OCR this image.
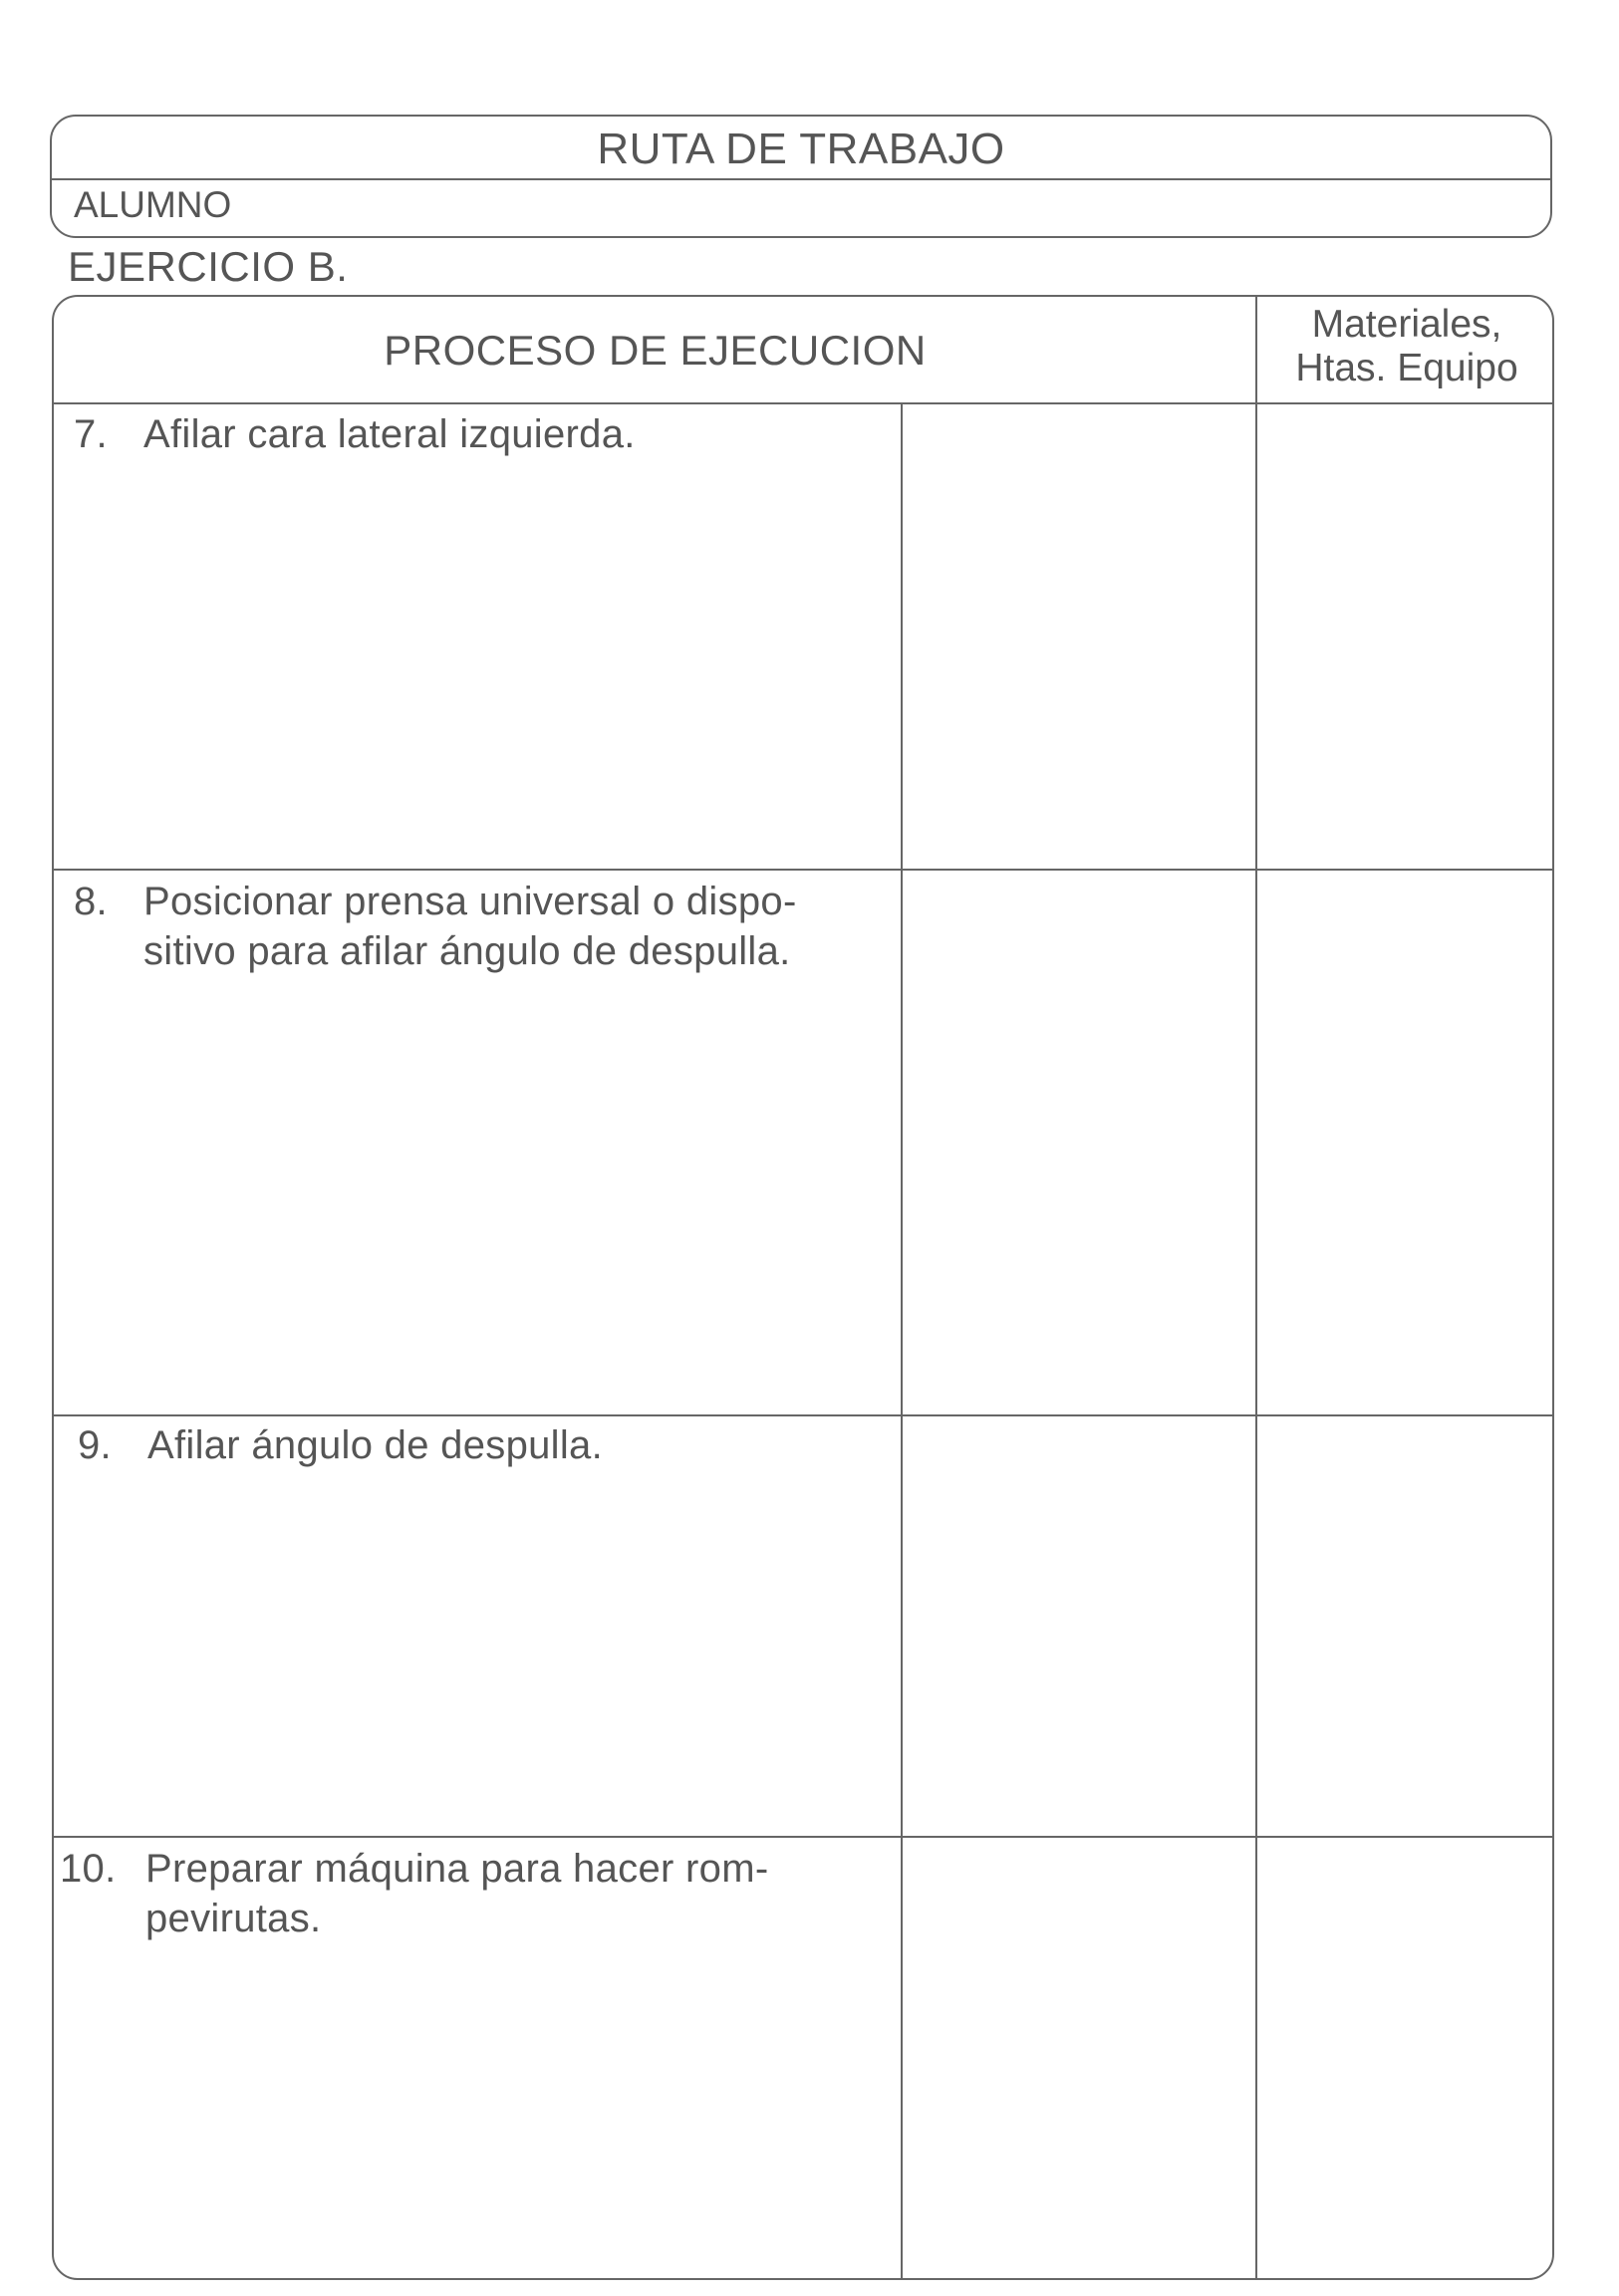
RUTA DE TRABAJO
ALUMNO
EJERCICIO B.
PROCESO DE EJECUCION
Materiales,
Htas. Equipo
7. Afilar cara lateral izquierda.
8. Posicionar prensa universal o dispo-
sitivo para afilar ángulo de despulla.
9. Afilar ángulo de despulla.
10. Preparar máquina para hacer rom-
pevirutas.
